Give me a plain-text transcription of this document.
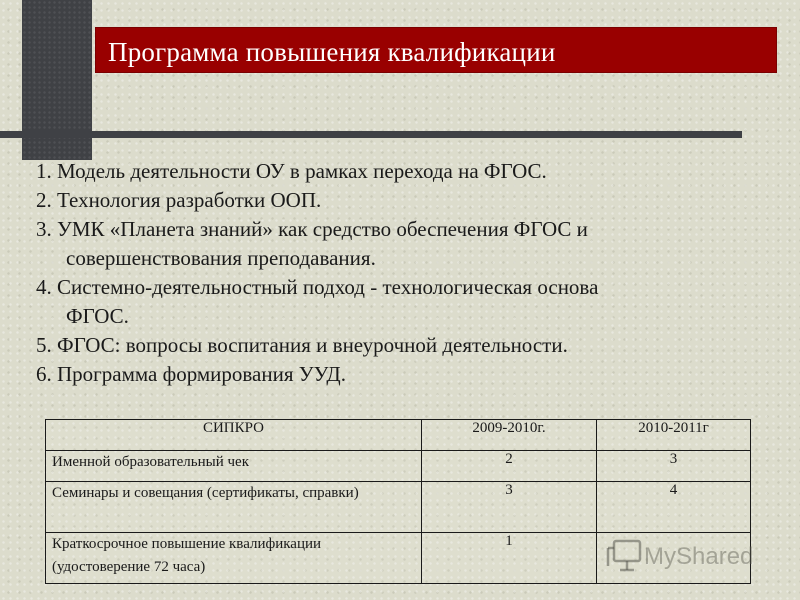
Программа повышения квалификации
1. Модель деятельности ОУ в рамках перехода на ФГОС.
2. Технология разработки ООП.
3. УМК «Планета знаний» как средство обеспечения ФГОС и
совершенствования преподавания.
4. Системно-деятельностный подход - технологическая основа
ФГОС.
5. ФГОС: вопросы воспитания и внеурочной деятельности.
6. Программа формирования УУД.
СИПКРО	2009-2010г.	2010-2011г
Именной образовательный чек	2	3
Семинары и совещания (сертификаты, справки)	3	4
Краткосрочное повышение квалификации (удостоверение 72 часа)	1	
MyShared
